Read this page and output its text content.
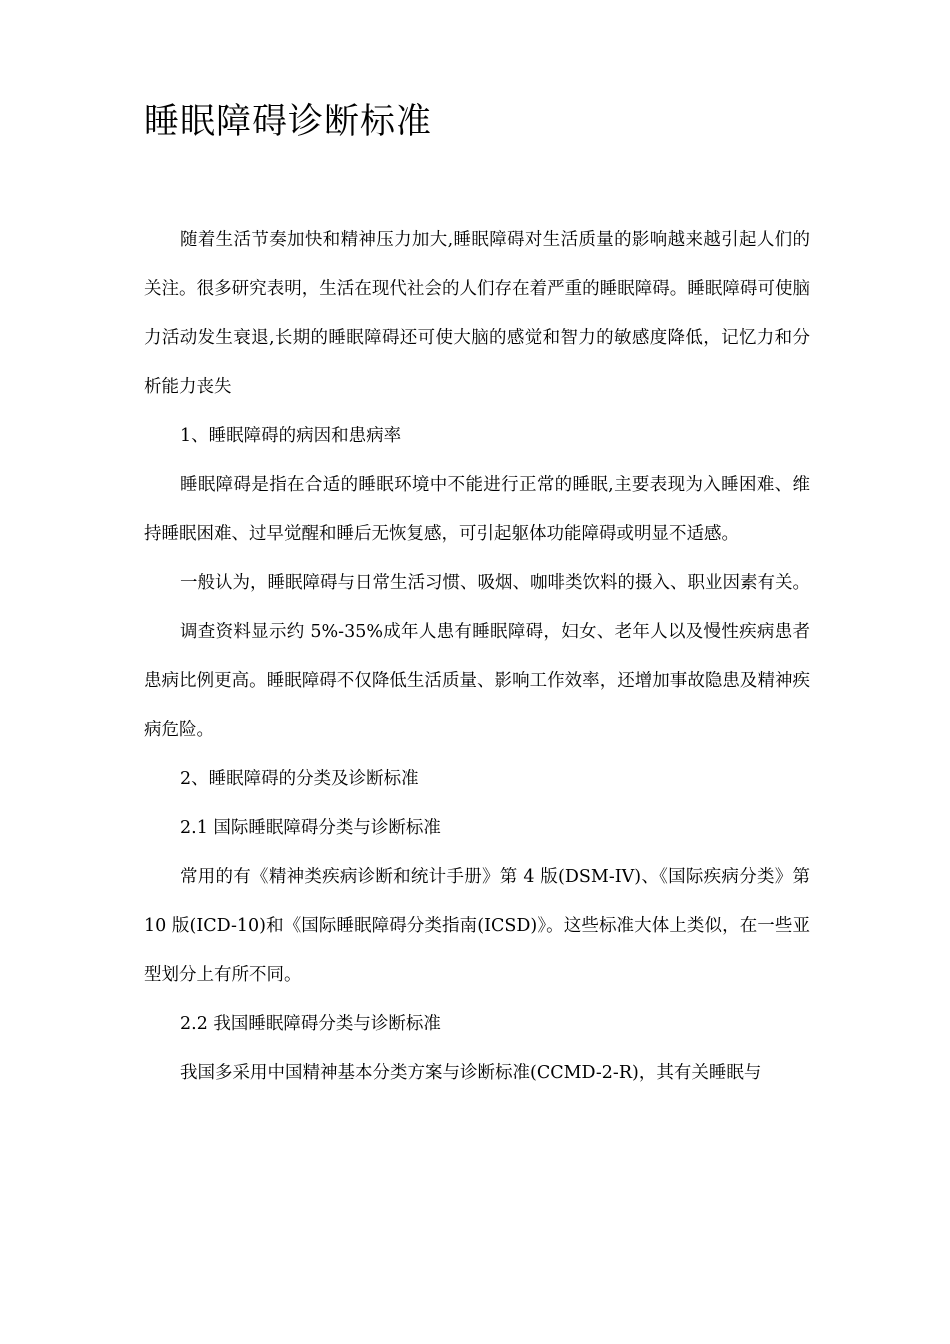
睡眠障碍诊断标准

随着生活节奏加快和精神压力加大,睡眠障碍对生活质量的影响越来越引起人们的关注。很多研究表明，生活在现代社会的人们存在着严重的睡眠障碍。睡眠障碍可使脑力活动发生衰退,长期的睡眠障碍还可使大脑的感觉和智力的敏感度降低，记忆力和分析能力丧失

1、睡眠障碍的病因和患病率

睡眠障碍是指在合适的睡眠环境中不能进行正常的睡眠,主要表现为入睡困难、维持睡眠困难、过早觉醒和睡后无恢复感，可引起躯体功能障碍或明显不适感。

一般认为，睡眠障碍与日常生活习惯、吸烟、咖啡类饮料的摄入、职业因素有关。

调查资料显示约 5%-35%成年人患有睡眠障碍，妇女、老年人以及慢性疾病患者患病比例更高。睡眠障碍不仅降低生活质量、影响工作效率，还增加事故隐患及精神疾病危险。

2、睡眠障碍的分类及诊断标准

2.1 国际睡眠障碍分类与诊断标准

常用的有《精神类疾病诊断和统计手册》第 4 版(DSM-IV)、《国际疾病分类》第 10 版(ICD-10)和《国际睡眠障碍分类指南(ICSD)》。这些标准大体上类似，在一些亚型划分上有所不同。

2.2 我国睡眠障碍分类与诊断标准

我国多采用中国精神基本分类方案与诊断标准(CCMD-2-R)，其有关睡眠与
